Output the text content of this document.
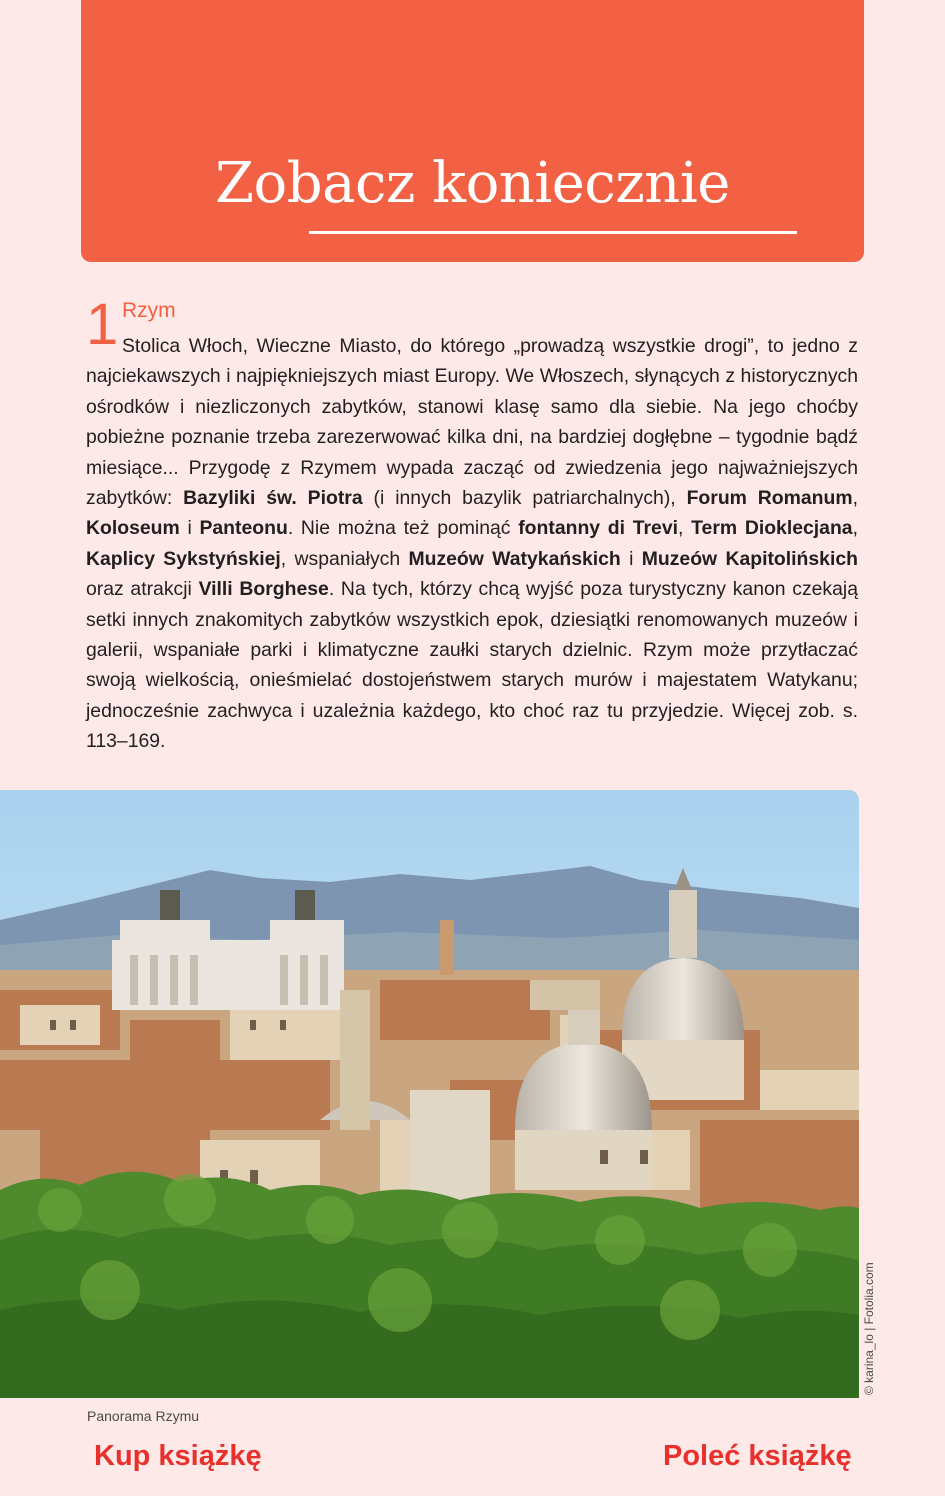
Zobacz koniecznie
1 Rzym
Stolica Włoch, Wieczne Miasto, do którego „prowadzą wszystkie drogi”, to jedno z najciekawszych i najpiękniejszych miast Europy. We Włoszech, słynących z historycznych ośrodków i niezliczonych zabytków, stanowi klasę samo dla siebie. Na jego choćby pobieżne poznanie trzeba zarezerwować kilka dni, na bardziej dogłębne – tygodnie bądź miesiące... Przygodę z Rzymem wypada zacząć od zwiedzenia jego najważniejszych zabytków: Bazyliki św. Piotra (i innych bazylik patriarchalnych), Forum Romanum, Koloseum i Panteonu. Nie można też pominąć fontanny di Trevi, Term Dioklecjana, Kaplicy Sykstyńskiej, wspaniałych Muzeów Watykańskich i Muzeów Kapitolińskich oraz atrakcji Villi Borghese. Na tych, którzy chcą wyjść poza turystyczny kanon czekają setki innych znakomitych zabytków wszystkich epok, dziesiątki renomowanych muzeów i galerii, wspaniałe parki i klimatyczne zaułki starych dzielnic. Rzym może przytłaczać swoją wielkością, onieśmielać dostojeństwem starych murów i majestatem Watykanu; jednocześnie zachwyca i uzależnia każdego, kto choć raz tu przyjedzie. Więcej zob. s. 113–169.
© karina_lo | Fotolia.com
Panorama Rzymu
Kup książkę	Poleć książkę
